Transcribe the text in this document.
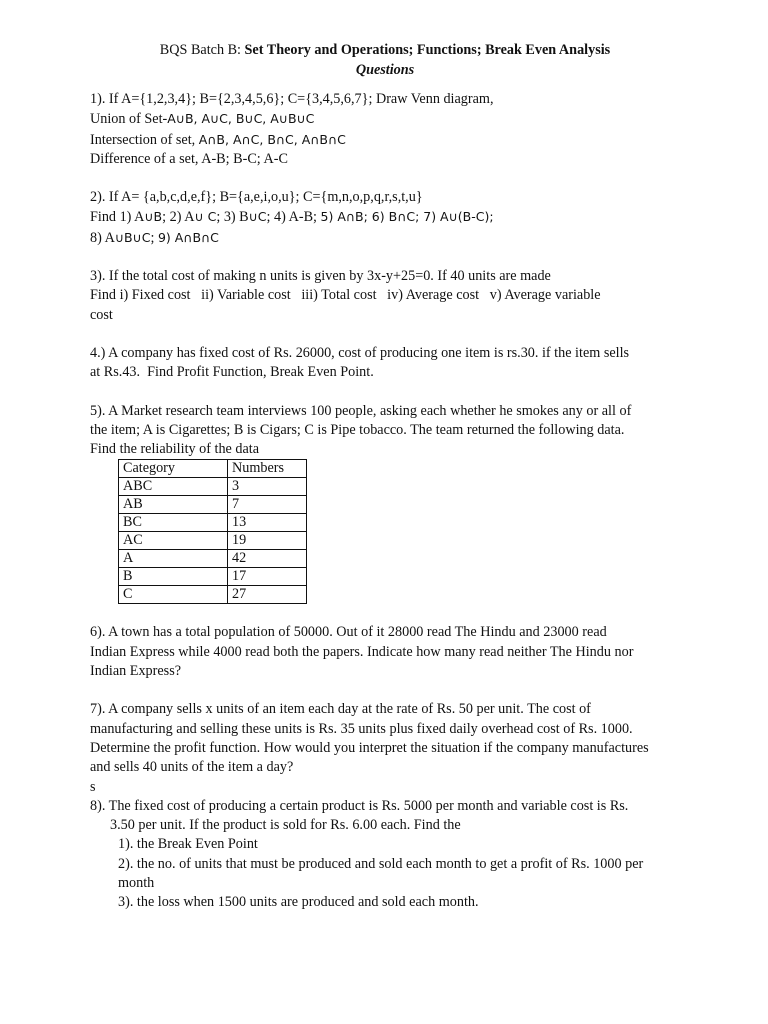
BQS Batch B: Set Theory and Operations; Functions; Break Even Analysis

Questions

1). If A={1,2,3,4}; B={2,3,4,5,6}; C={3,4,5,6,7}; Draw Venn diagram,

Union of Set-A∪B, A∪C, B∪C, A∪B∪C

Intersection of set, A∩B, A∩C, B∩C, A∩B∩C

Difference of a set, A-B; B-C; A-C

2). If A= {a,b,c,d,e,f}; B={a,e,i,o,u}; C={m,n,o,p,q,r,s,t,u}

Find 1) A∪B; 2) A∪ C; 3) B∪C; 4) A-B; 5) A∩B; 6) B∩C; 7) A∪(B-C);

8) A∪B∪C; 9) A∩B∩C

3). If the total cost of making n units is given by 3x-y+25=0. If 40 units are made

Find i) Fixed cost   ii) Variable cost   iii) Total cost   iv) Average cost   v) Average variable

cost

4.) A company has fixed cost of Rs. 26000, cost of producing one item is rs.30. if the item sells

at Rs.43.  Find Profit Function, Break Even Point.

5). A Market research team interviews 100 people, asking each whether he smokes any or all of

the item; A is Cigarettes; B is Cigars; C is Pipe tobacco. The team returned the following data.

Find the reliability of the data

Category	Numbers
ABC	3
AB	7
BC	13
AC	19
A	42
B	17
C	27

6). A town has a total population of 50000. Out of it 28000 read The Hindu and 23000 read

Indian Express while 4000 read both the papers. Indicate how many read neither The Hindu nor

Indian Express?

7). A company sells x units of an item each day at the rate of Rs. 50 per unit. The cost of

manufacturing and selling these units is Rs. 35 units plus fixed daily overhead cost of Rs. 1000.

Determine the profit function. How would you interpret the situation if the company manufactures

and sells 40 units of the item a day?

s

8). The fixed cost of producing a certain product is Rs. 5000 per month and variable cost is Rs.

3.50 per unit. If the product is sold for Rs. 6.00 each. Find the

1). the Break Even Point

2). the no. of units that must be produced and sold each month to get a profit of Rs. 1000 per

month

3). the loss when 1500 units are produced and sold each month.
